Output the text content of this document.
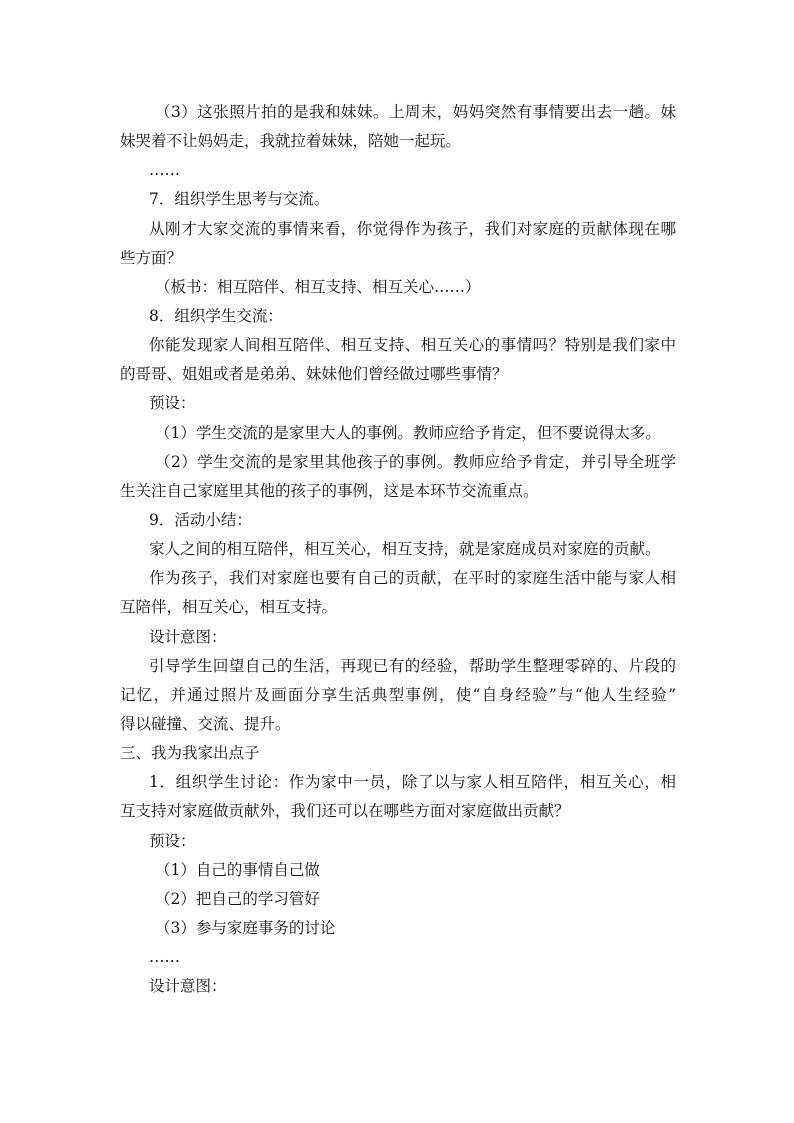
（3）这张照片拍的是我和妹妹。上周末，妈妈突然有事情要出去一趟。妹
妹哭着不让妈妈走，我就拉着妹妹，陪她一起玩。
……
7．组织学生思考与交流。
从刚才大家交流的事情来看，你觉得作为孩子，我们对家庭的贡献体现在哪
些方面？
（板书：相互陪伴、相互支持、相互关心……）
8．组织学生交流：
你能发现家人间相互陪伴、相互支持、相互关心的事情吗？特别是我们家中
的哥哥、姐姐或者是弟弟、妹妹他们曾经做过哪些事情？
预设：
（1）学生交流的是家里大人的事例。教师应给予肯定，但不要说得太多。
（2）学生交流的是家里其他孩子的事例。教师应给予肯定，并引导全班学
生关注自己家庭里其他的孩子的事例，这是本环节交流重点。
9．活动小结：
家人之间的相互陪伴，相互关心，相互支持，就是家庭成员对家庭的贡献。
作为孩子，我们对家庭也要有自己的贡献，在平时的家庭生活中能与家人相
互陪伴，相互关心，相互支持。
设计意图：
引导学生回望自己的生活，再现已有的经验，帮助学生整理零碎的、片段的
记忆，并通过照片及画面分享生活典型事例，使“自身经验”与“他人生经验”
得以碰撞、交流、提升。
三、我为我家出点子
1．组织学生讨论：作为家中一员，除了以与家人相互陪伴，相互关心，相
互支持对家庭做贡献外，我们还可以在哪些方面对家庭做出贡献？
预设：
（1）自己的事情自己做
（2）把自己的学习管好
（3）参与家庭事务的讨论
……
设计意图：
